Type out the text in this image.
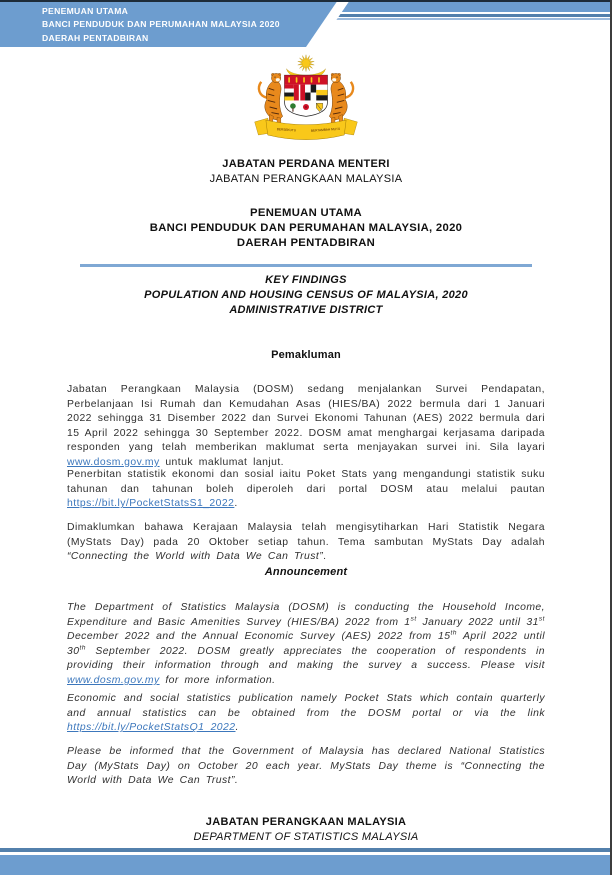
PENEMUAN UTAMA
BANCI PENDUDUK DAN PERUMAHAN MALAYSIA 2020
DAERAH PENTADBIRAN
BERSEKUTU	BERTAMBAH MUTU
JABATAN PERDANA MENTERI
JABATAN PERANGKAAN MALAYSIA
PENEMUAN UTAMA
BANCI PENDUDUK DAN PERUMAHAN MALAYSIA, 2020
DAERAH PENTADBIRAN
KEY FINDINGS
POPULATION AND HOUSING CENSUS OF MALAYSIA, 2020
ADMINISTRATIVE DISTRICT
Pemakluman

Jabatan Perangkaan Malaysia (DOSM) sedang menjalankan Survei Pendapatan, Perbelanjaan Isi Rumah dan Kemudahan Asas (HIES/BA) 2022 bermula dari 1 Januari 2022 sehingga 31 Disember 2022 dan Survei Ekonomi Tahunan (AES) 2022 bermula dari 15 April 2022 sehingga 30 September 2022. DOSM amat menghargai kerjasama daripada responden yang telah memberikan maklumat serta menjayakan survei ini. Sila layari www.dosm.gov.my untuk maklumat lanjut.

Penerbitan statistik ekonomi dan sosial iaitu Poket Stats yang mengandungi statistik suku tahunan dan tahunan boleh diperoleh dari portal DOSM atau melalui pautan https://bit.ly/PocketStatsS1_2022.

Dimaklumkan bahawa Kerajaan Malaysia telah mengisytiharkan Hari Statistik Negara (MyStats Day) pada 20 Oktober setiap tahun. Tema sambutan MyStats Day adalah “Connecting the World with Data We Can Trust”.

Announcement

The Department of Statistics Malaysia (DOSM) is conducting the Household Income, Expenditure and Basic Amenities Survey (HIES/BA) 2022 from 1st January 2022 until 31st December 2022 and the Annual Economic Survey (AES) 2022 from 15th April 2022 until 30th September 2022. DOSM greatly appreciates the cooperation of respondents in providing their information through and making the survey a success. Please visit www.dosm.gov.my for more information.

Economic and social statistics publication namely Pocket Stats which contain quarterly and annual statistics can be obtained from the DOSM portal or via the link https://bit.ly/PocketStatsQ1_2022.

Please be informed that the Government of Malaysia has declared National Statistics Day (MyStats Day) on October 20 each year. MyStats Day theme is “Connecting the World with Data We Can Trust”.

JABATAN PERANGKAAN MALAYSIA
DEPARTMENT OF STATISTICS MALAYSIA
